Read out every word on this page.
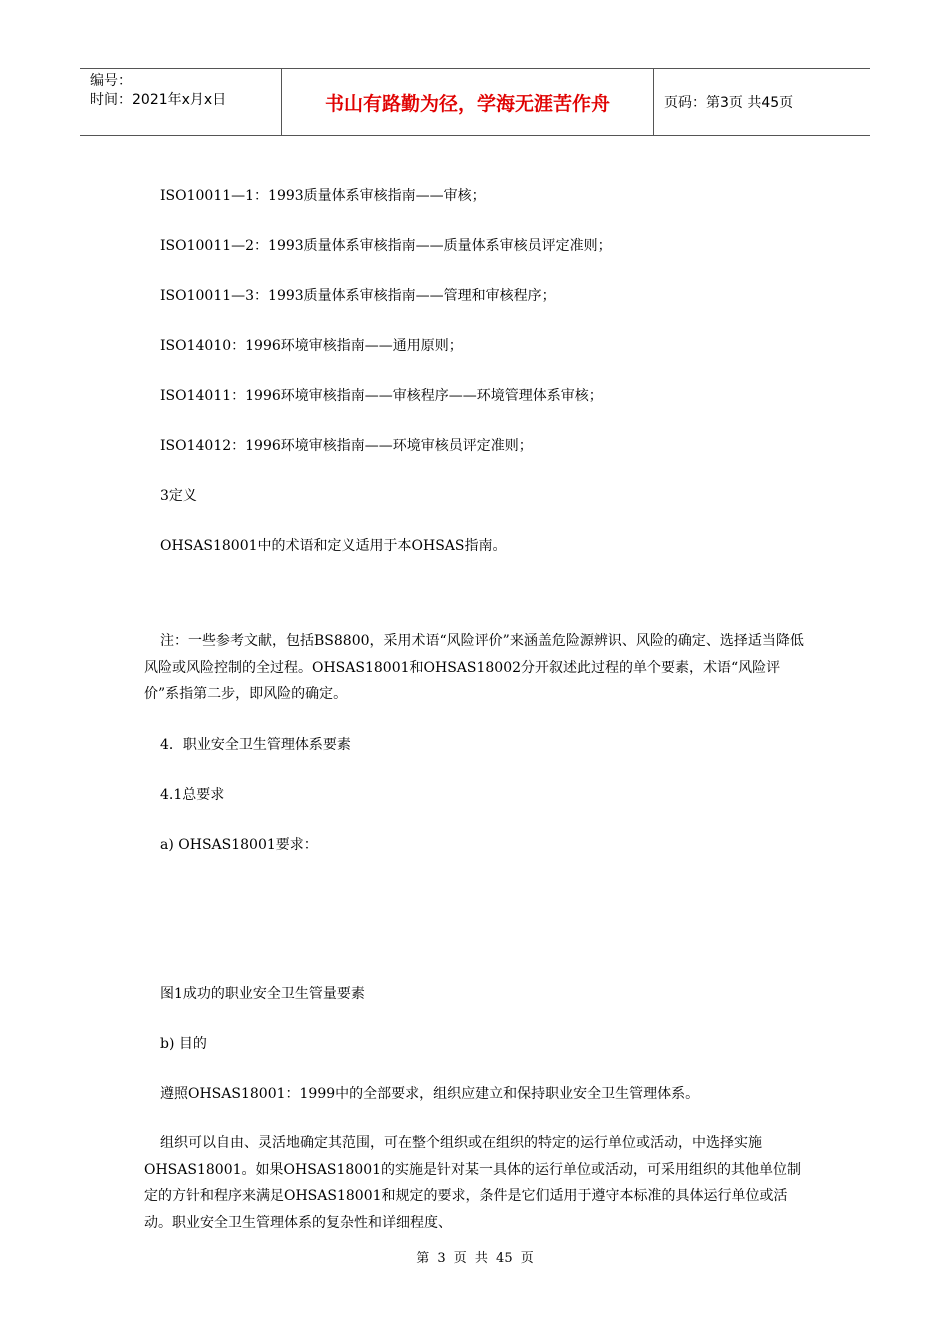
编号：
时间：2021年x月x日	书山有路勤为径，学海无涯苦作舟	页码：第3页 共45页
ISO10011—1：1993质量体系审核指南——审核；
ISO10011—2：1993质量体系审核指南——质量体系审核员评定准则；
ISO10011—3：1993质量体系审核指南——管理和审核程序；
ISO14010：1996环境审核指南——通用原则；
ISO14011：1996环境审核指南——审核程序——环境管理体系审核；
ISO14012：1996环境审核指南——环境审核员评定准则；
3定义
OHSAS18001中的术语和定义适用于本OHSAS指南。
注：一些参考文献，包括BS8800，采用术语“风险评价”来涵盖危险源辨识、风险的确定、选择适当降低风险或风险控制的全过程。OHSAS18001和OHSAS18002分开叙述此过程的单个要素，术语“风险评价”系指第二步，即风险的确定。
4．职业安全卫生管理体系要素
4.1总要求
a) OHSAS18001要求：
图1成功的职业安全卫生管量要素
b) 目的
遵照OHSAS18001：1999中的全部要求，组织应建立和保持职业安全卫生管理体系。
组织可以自由、灵活地确定其范围，可在整个组织或在组织的特定的运行单位或活动，中选择实施OHSAS18001。如果OHSAS18001的实施是针对某一具体的运行单位或活动，可采用组织的其他单位制定的方针和程序来满足OHSAS18001和规定的要求，条件是它们适用于遵守本标准的具体运行单位或活动。职业安全卫生管理体系的复杂性和详细程度、
第 3 页 共 45 页
